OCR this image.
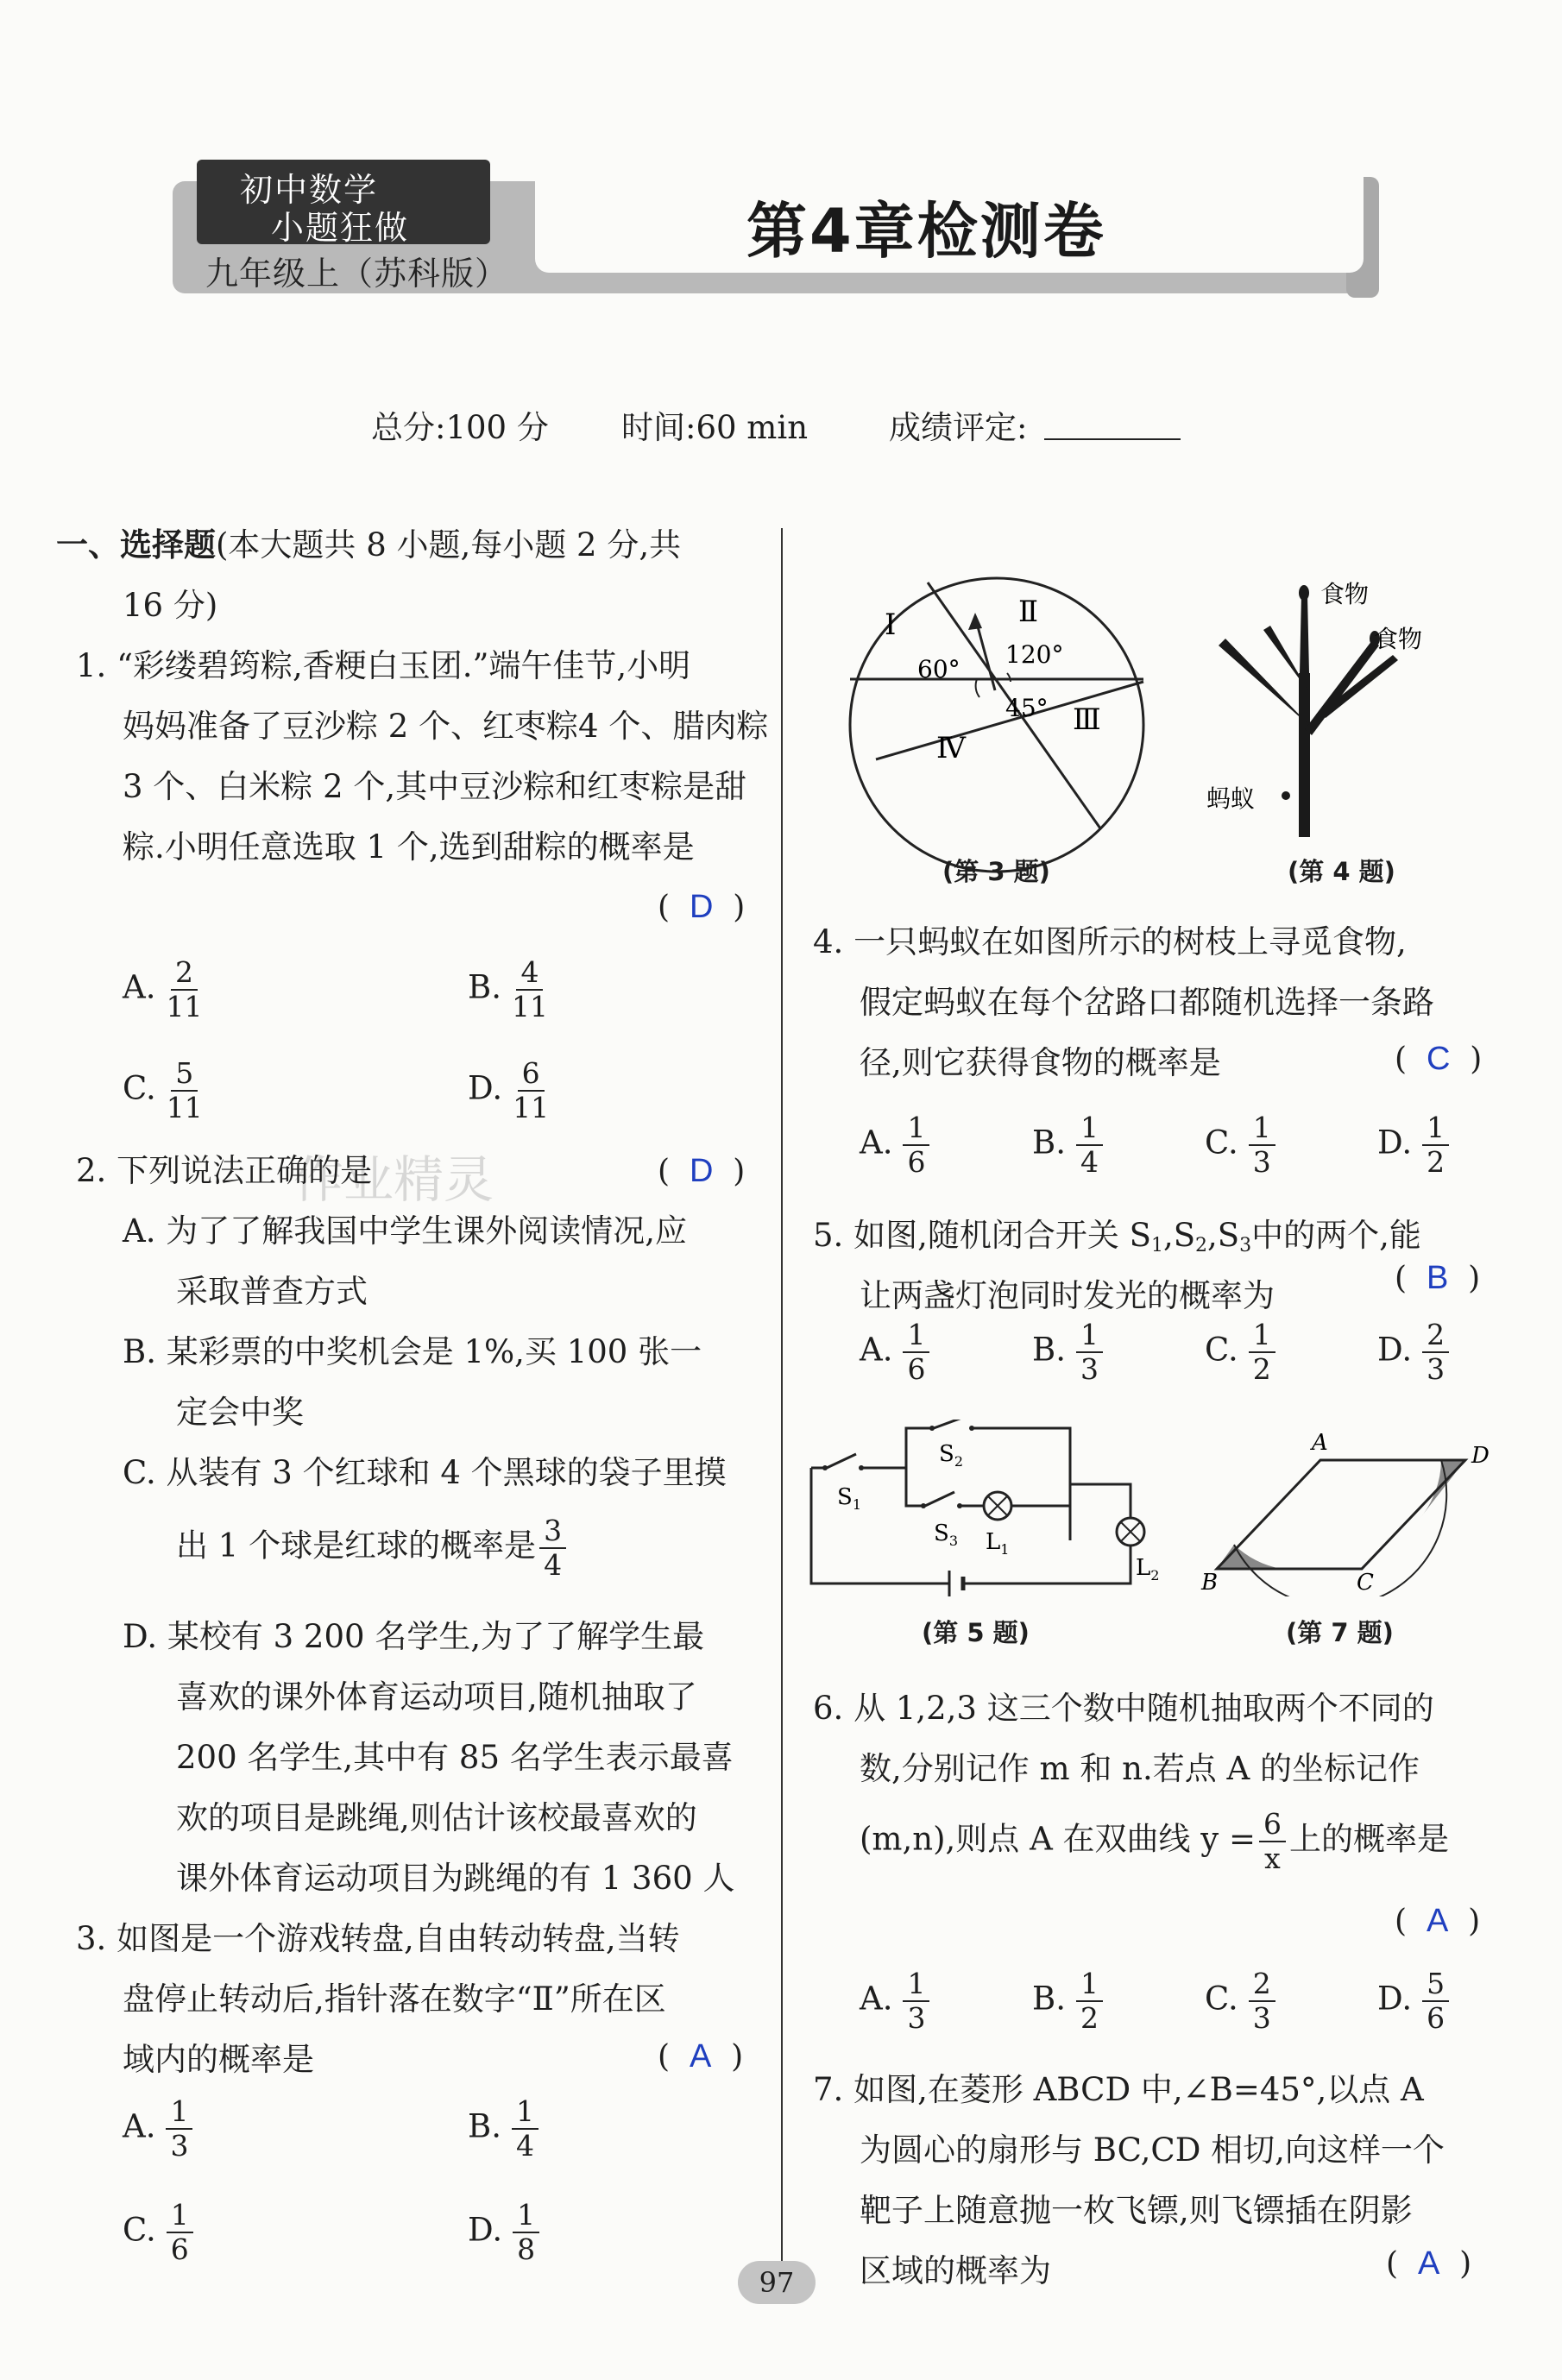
初中数学
小题狂做
九年级上（苏科版）
第4章检测卷
总分:100 分 时间:60 min	成绩评定:
作业精灵
一、选择题(本大题共 8 小题,每小题 2 分,共
16 分)
1. “彩缕碧筠粽,香粳白玉团.”端午佳节,小明
妈妈准备了豆沙粽 2 个、红枣粽4 个、腊肉粽
3 个、白米粽 2 个,其中豆沙粽和红枣粽是甜
粽.小明任意选取 1 个,选到甜粽的概率是
(  D  )
A. $\frac{2}{11}$	B. $\frac{4}{11}$
C. $\frac{5}{11}$	D. $\frac{6}{11}$
2. 下列说法正确的是	(  D  )
A. 为了了解我国中学生课外阅读情况,应
采取普查方式
B. 某彩票的中奖机会是 1%,买 100 张一
定会中奖
C. 从装有 3 个红球和 4 个黑球的袋子里摸
出 1 个球是红球的概率是 $\frac{3}{4}$
D. 某校有 3 200 名学生,为了了解学生最
喜欢的课外体育运动项目,随机抽取了
200 名学生,其中有 85 名学生表示最喜
欢的项目是跳绳,则估计该校最喜欢的
课外体育运动项目为跳绳的有 1 360 人
3. 如图是一个游戏转盘,自由转动转盘,当转
盘停止转动后,指针落在数字“Ⅱ”所在区
域内的概率是	(  A  )
A. $\frac{1}{3}$	B. $\frac{1}{4}$
C. $\frac{1}{6}$	D. $\frac{1}{8}$
Ⅰ	Ⅱ
Ⅲ
Ⅳ
60°
120°
45°
(第 3 题)
食物
食物
蚂蚁
(第 4 题)
4. 一只蚂蚁在如图所示的树枝上寻觅食物,
假定蚂蚁在每个岔路口都随机选择一条路
径,则它获得食物的概率是	(  C  )
A. $\frac{1}{6}$	B. $\frac{1}{4}$	C. $\frac{1}{3}$	D. $\frac{1}{2}$
5. 如图,随机闭合开关 $S_1,S_2,S_3$中的两个,能
让两盏灯泡同时发光的概率为	(  B  )
A. $\frac{1}{6}$	B. $\frac{1}{3}$	C. $\frac{1}{2}$	D. $\frac{2}{3}$
$S_1$
$S_2$
$S_3$ $L_1$
$L_2$
(第 5 题)
A
B	C
D
(第 7 题)
6. 从 1,2,3 这三个数中随机抽取两个不同的
数,分别记作 m 和 n.若点 A 的坐标记作
(m,n),则点 A 在双曲线 $y = \frac{6}{x}$ 上的概率是
(  A  )
A. $\frac{1}{3}$	B. $\frac{1}{2}$	C. $\frac{2}{3}$	D. $\frac{5}{6}$
7. 如图,在菱形 ABCD 中,∠B=45°,以点 A
为圆心的扇形与 BC,CD 相切,向这样一个
靶子上随意抛一枚飞镖,则飞镖插在阴影
区域的概率为	(  A  )
97
